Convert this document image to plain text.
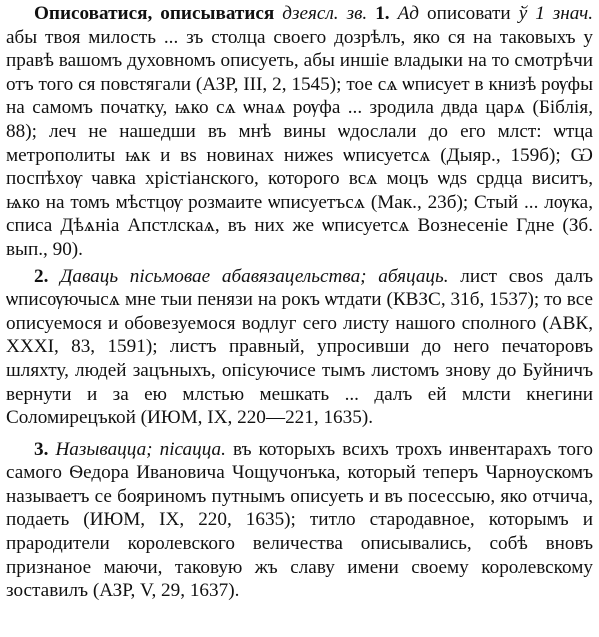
Описоватися, описыватися дзеясл. зв. 1. Ад описовати ў 1 знач. абы твоя милость ... зъ столца своего дозрѣлъ, яко ся на таковыхъ у правѣ вашомъ духовномъ описуеть, абы иншіе владыки на то смотрѣчи отъ того ся повстягали (АЗР, III, 2, 1545); тое сѧ ѡписует в книзѣ рѹфы на самомъ початку, ѩко сѧ ѡнаѧ рѹфа ... зродила двда царѧ (Біблія, 88); леч не нашедши въ мнѣ вины ѡдослали до его млст: ѡтца метрополиты ѩк и вѕ новинах нижеѕ ѡписуетсѧ (Дыяр., 159б); Ѡ поспѣхѹ чавка хрістіанского, которого всѧ моцъ ѡдѕ срдца виситъ, ѩко на томъ мѣстцѹ розмаите ѡписуетъсѧ (Мак., 23б); Стый ... лѹка, списа Дѣѧніа Апстлскаѧ, въ них же ѡписуетсѧ Вознесеніе Гдне (Зб. вып., 90).

2. Даваць пісьмовае абавязацельства; абяцаць. лист своѕ далъ ѡписѹючысѧ мне тыи пенязи на рокъ ѡтдати (КВЗС, 31б, 1537); то все описуемося и обовезуемося водлуг сего листу нашого сполного (АВК, XXXI, 83, 1591); листъ правный, упросивши до него печаторовъ шляхту, людей зацъныхъ, опісуючисе тымъ листомъ знову до Буйничъ вернути и за ею млстью мешкать ... далъ ей млсти кнегини Соломирецъкой (ИЮМ, IX, 220—221, 1635).

3. Называцца; пісацца. въ которыхъ всихъ трохъ инвентарахъ того самого Ѳедора Ивановича Чощучонъка, который теперъ Чарноускомъ называетъ се бояриномъ путнымъ описуеть и въ посессыю, яко отчича, подаеть (ИЮМ, IX, 220, 1635); титло стародавное, которымъ и прародители королевского величества описывались, собѣ вновъ признаное маючи, таковую жъ славу имени своему королевскому зоставилъ (АЗР, V, 29, 1637).
